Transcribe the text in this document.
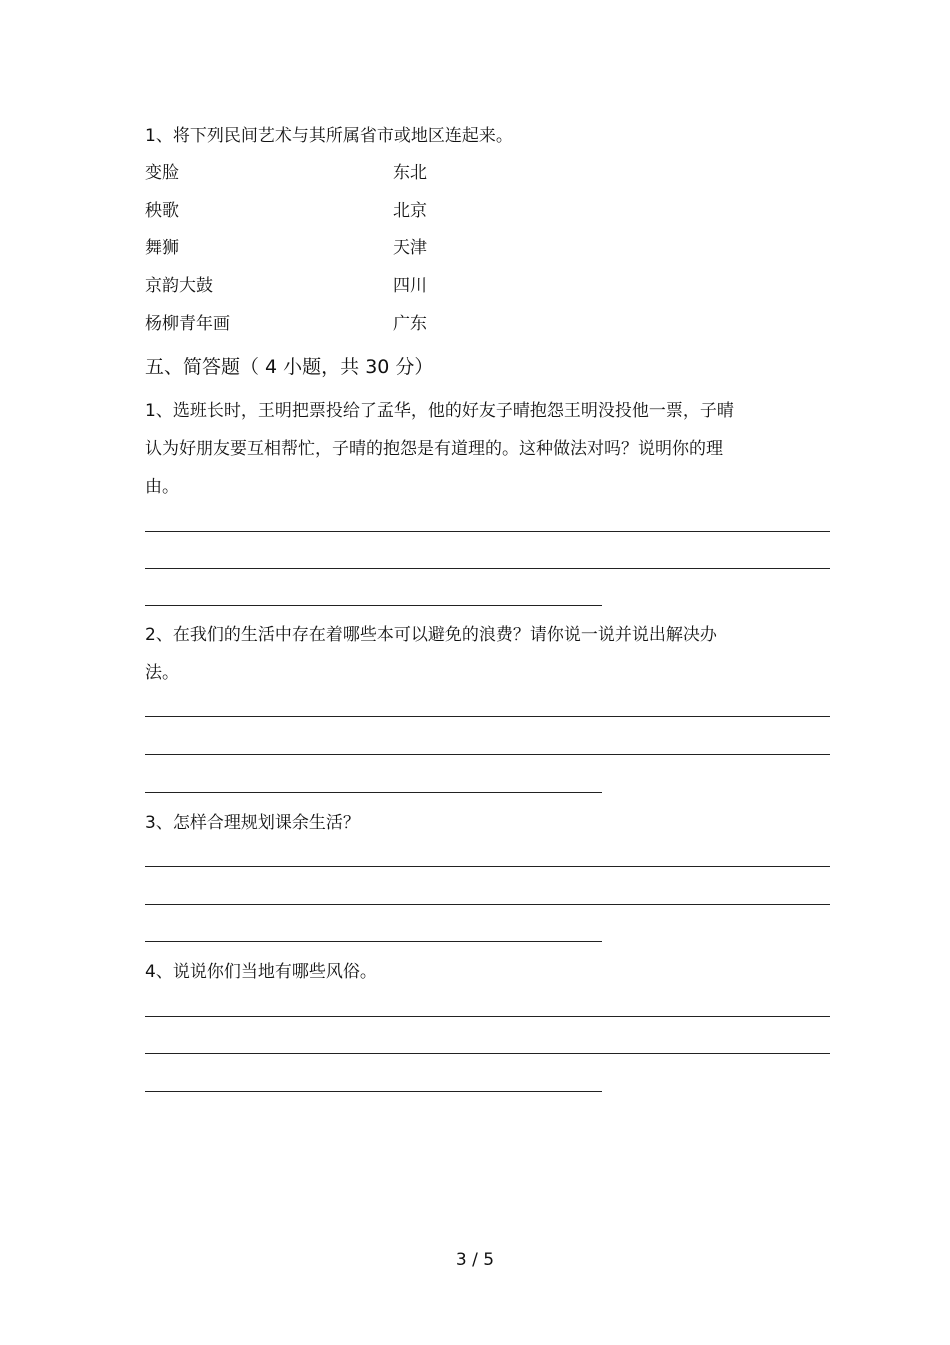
1、将下列民间艺术与其所属省市或地区连起来。
变脸
秧歌
舞狮
京韵大鼓
杨柳青年画
东北
北京
天津
四川
广东
五、简答题（ 4 小题，共 30 分）
1、选班长时，王明把票投给了孟华，他的好友子晴抱怨王明没投他一票，子晴
认为好朋友要互相帮忙，子晴的抱怨是有道理的。这种做法对吗？说明你的理
由。
2、在我们的生活中存在着哪些本可以避免的浪费？请你说一说并说出解决办
法。
3、怎样合理规划课余生活？
4、说说你们当地有哪些风俗。
3 / 5
